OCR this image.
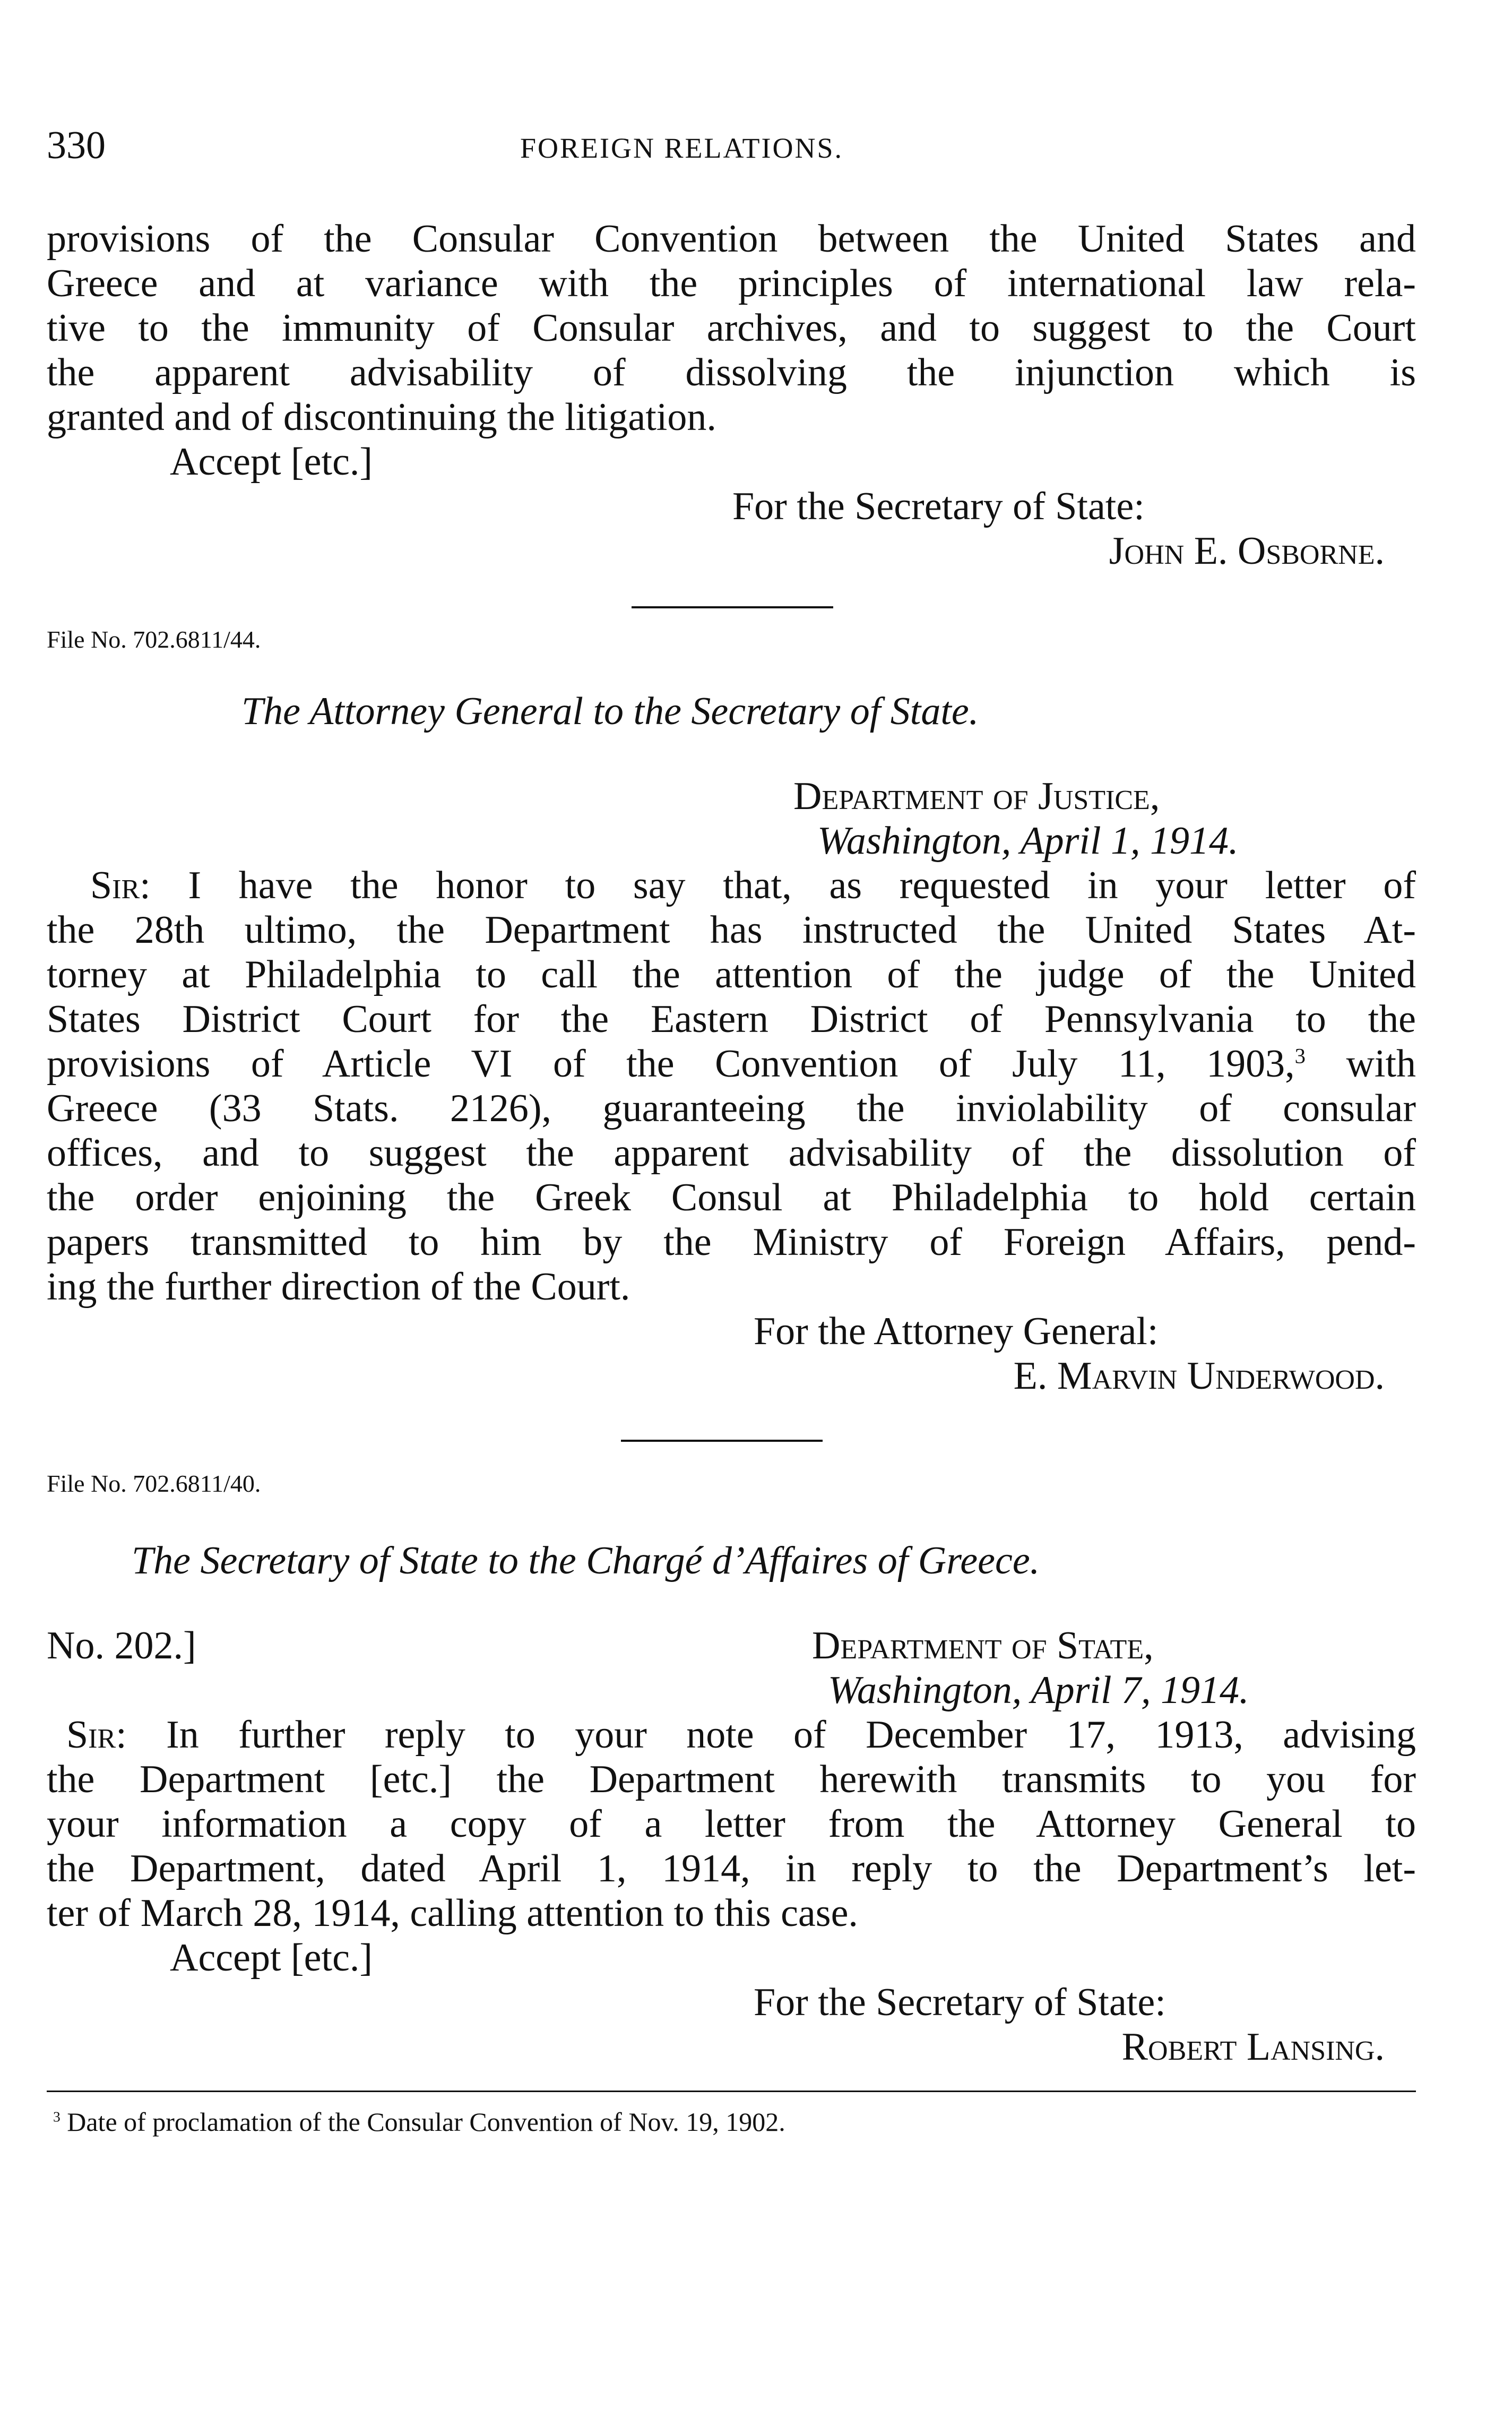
330	FOREIGN RELATIONS.
provisions of the Consular Convention between the United States and
Greece and at variance with the principles of international law rela-
tive to the immunity of Consular archives, and to suggest to the Court
the apparent advisability of dissolving the injunction which is
granted and of discontinuing the litigation.
Accept [etc.]
For the Secretary of State:
John E. Osborne.
File No. 702.6811/44.
The Attorney General to the Secretary of State.
Department of Justice,
Washington, April 1, 1914.
Sir: I have the honor to say that, as requested in your letter of
the 28th ultimo, the Department has instructed the United States At-
torney at Philadelphia to call the attention of the judge of the United
States District Court for the Eastern District of Pennsylvania to the
provisions of Article VI of the Convention of July 11, 1903,$^3$ with
Greece (33 Stats. 2126), guaranteeing the inviolability of consular
offices, and to suggest the apparent advisability of the dissolution of
the order enjoining the Greek Consul at Philadelphia to hold certain
papers transmitted to him by the Ministry of Foreign Affairs, pend-
ing the further direction of the Court.
For the Attorney General:
E. Marvin Underwood.
File No. 702.6811/40.
The Secretary of State to the Chargé d’Affaires of Greece.
No. 202.]	Department of State,
Washington, April 7, 1914.
Sir: In further reply to your note of December 17, 1913, advising
the Department [etc.] the Department herewith transmits to you for
your information a copy of a letter from the Attorney General to
the Department, dated April 1, 1914, in reply to the Department’s let-
ter of March 28, 1914, calling attention to this case.
Accept [etc.]
For the Secretary of State:
Robert Lansing.
$^3$ Date of proclamation of the Consular Convention of Nov. 19, 1902.
